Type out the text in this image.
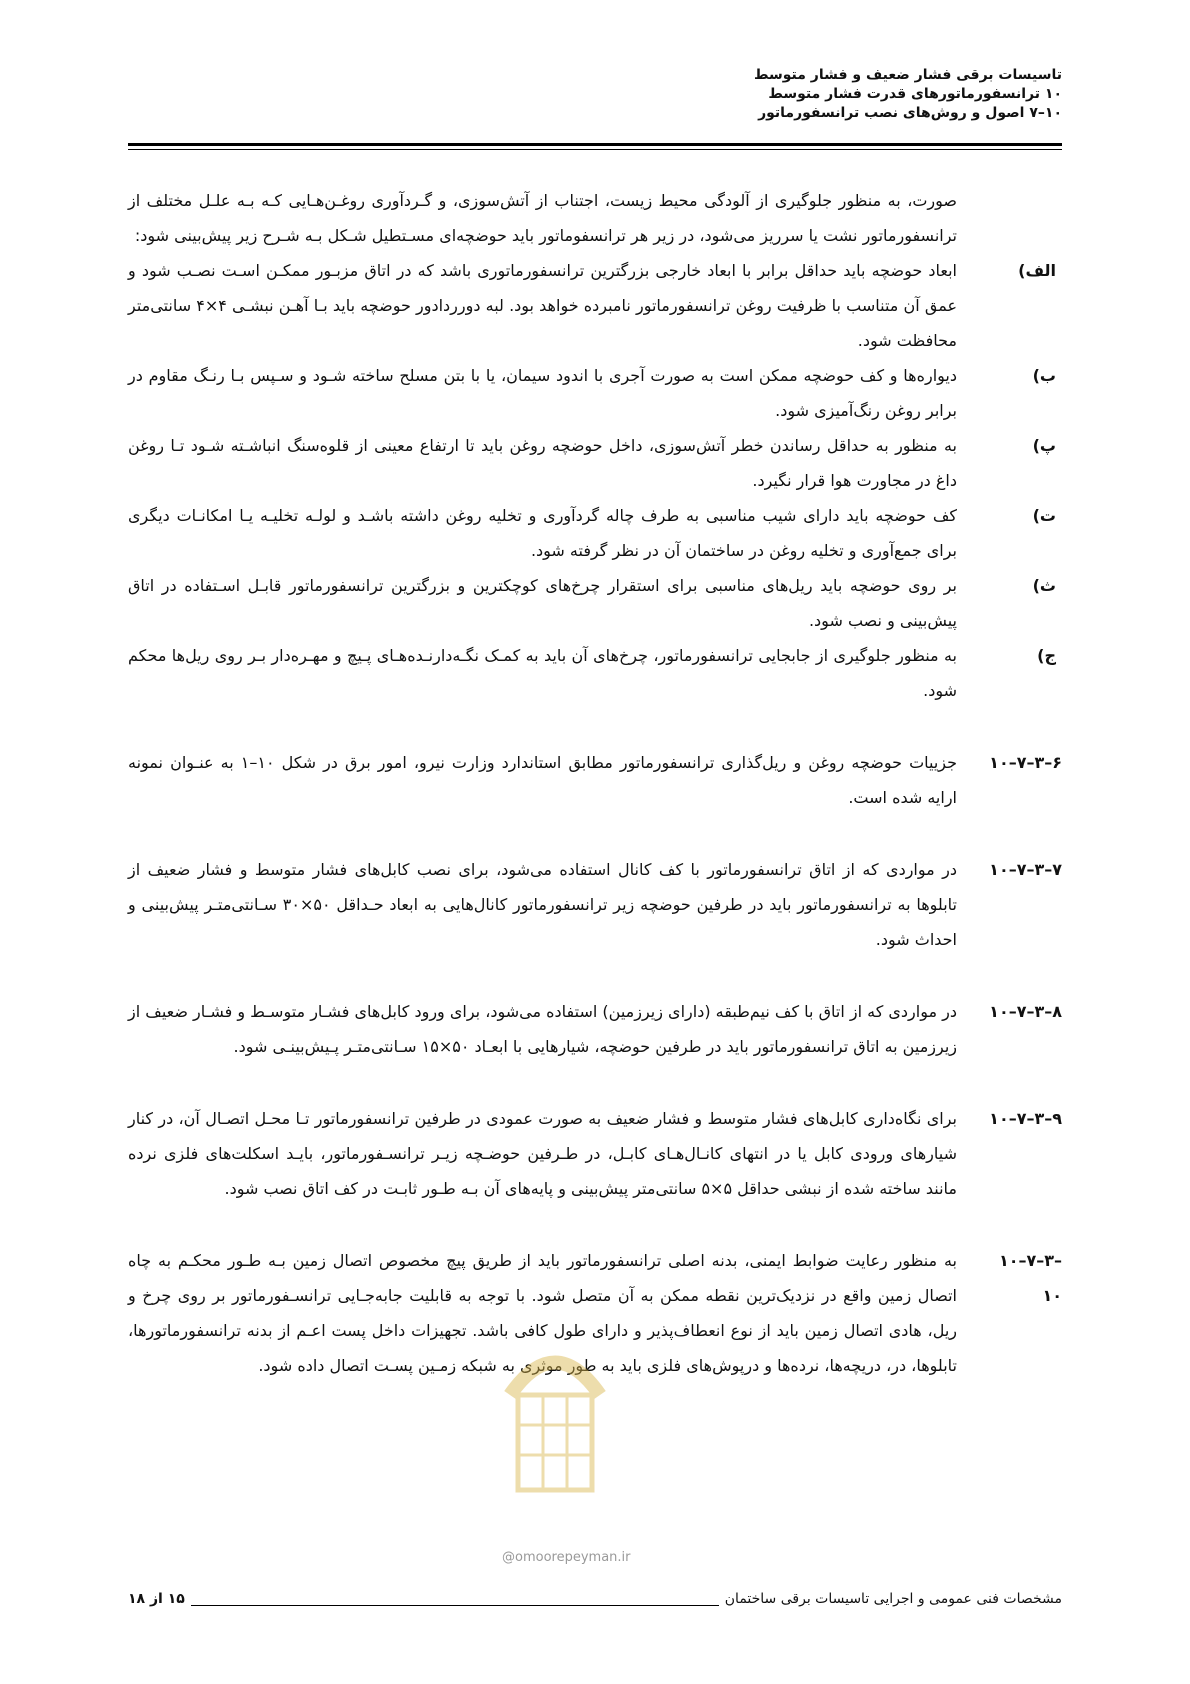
تاسیسات برقی فشار ضعیف و فشار متوسط
۱۰ ترانسفورماتورهای قدرت فشار متوسط
۱۰–۷ اصول و روش‌های نصب ترانسفورماتور

صورت، به منظور جلوگیری از آلودگی محیط زیست، اجتناب از آتش‌سوزی، و گـردآوری روغـن‌هـایی کـه بـه علـل مختلف از ترانسفورماتور نشت یا سرریز می‌شود، در زیر هر ترانسفوماتور باید حوضچه‌ای مسـتطیل شـکل بـه شـرح زیر پیش‌بینی شود:

الف)
ابعاد حوضچه باید حداقل برابر با ابعاد خارجی بزرگترین ترانسفورماتوری باشد که در اتاق مزبـور ممکـن اسـت نصـب شود و عمق آن متناسب با ظرفیت روغن ترانسفورماتور نامبرده خواهد بود. لبه دورردادور حوضچه باید بـا آهـن نبشـی ۴×۴ سانتی‌متر محافظت شود.
ب)
دیواره‌ها و کف حوضچه ممکن است به صورت آجری با اندود سیمان، یا با بتن مسلح ساخته شـود و سـپس بـا رنـگ مقاوم در برابر روغن رنگ‌آمیزی شود.
پ)
به منظور به حداقل رساندن خطر آتش‌سوزی، داخل حوضچه روغن باید تا ارتفاع معینی از قلوه‌سنگ انباشـته شـود تـا روغن داغ در مجاورت هوا قرار نگیرد.
ت)
کف حوضچه باید دارای شیب مناسبی به طرف چاله گردآوری و تخلیه روغن داشته باشـد و لولـه تخلیـه یـا امکانـات دیگری برای جمع‌آوری و تخلیه روغن در ساختمان آن در نظر گرفته شود.
ث)
بر روی حوضچه باید ریل‌های مناسبی برای استقرار چرخ‌های کوچکترین و بزرگترین ترانسفورماتور قابـل اسـتفاده در اتاق پیش‌بینی و نصب شود.
ج)
به منظور جلوگیری از جابجایی ترانسفورماتور، چرخ‌های آن باید به کمـک نگـه‌دارنـده‌هـای پـیچ و مهـره‌دار بـر روی ریل‌ها محکم شود.
۱۰–۷–۳–۶
جزییات حوضچه روغن و ریل‌گذاری ترانسفورماتور مطابق استاندارد وزارت نیرو، امور برق در شکل ۱۰–۱ به عنـوان نمونه ارایه شده است.
۱۰–۷–۳–۷
در مواردی که از اتاق ترانسفورماتور با کف کانال استفاده می‌شود، برای نصب کابل‌های فشار متوسط و فشار ضعیف از تابلوها به ترانسفورماتور باید در طرفین حوضچه زیر ترانسفورماتور کانال‌هایی به ابعاد حـداقل ۵۰×۳۰ سـانتی‌متـر پیش‌بینی و احداث شود.
۱۰–۷–۳–۸
در مواردی که از اتاق با کف نیم‌طبقه (دارای زیرزمین) استفاده می‌شود، برای ورود کابل‌های فشـار متوسـط و فشـار ضعیف از زیرزمین به اتاق ترانسفورماتور باید در طرفین حوضچه، شیارهایی با ابعـاد ۵۰×۱۵ سـانتی‌متـر پـیش‌بینـی شود.
۱۰–۷–۳–۹
برای نگاه‌داری کابل‌های فشار متوسط و فشار ضعیف به صورت عمودی در طرفین ترانسفورماتور تـا محـل اتصـال آن، در کنار شیارهای ورودی کابل یا در انتهای کانـال‌هـای کابـل، در طـرفین حوضـچه زیـر ترانسـفورماتور، بایـد اسکلت‌های فلزی نرده مانند ساخته شده از نبشی حداقل ۵×۵ سانتی‌متر پیش‌بینی و پایه‌های آن بـه طـور ثابـت در کف اتاق نصب شود.
۱۰–۷–۳–۱۰
به منظور رعایت ضوابط ایمنی، بدنه اصلی ترانسفورماتور باید از طریق پیچ مخصوص اتصال زمین بـه طـور محکـم به چاه اتصال زمین واقع در نزدیک‌ترین نقطه ممکن به آن متصل شود. با توجه به قابلیت جابه‌جـایی ترانسـفورماتور بر روی چرخ و ریل، هادی اتصال زمین باید از نوع انعطاف‌پذیر و دارای طول کافی باشد. تجهیزات داخل پست اعـم از بدنه ترانسفورماتورها، تابلوها، در، دریچه‌ها، نرده‌ها و درپوش‌های فلزی باید به طور موثری به شبکه زمـین پسـت اتصال داده شود.
@omoorepeyman.ir
مشخصات فنی عمومی و اجرایی تاسیسات برقی ساختمان
۱۵ از ۱۸
